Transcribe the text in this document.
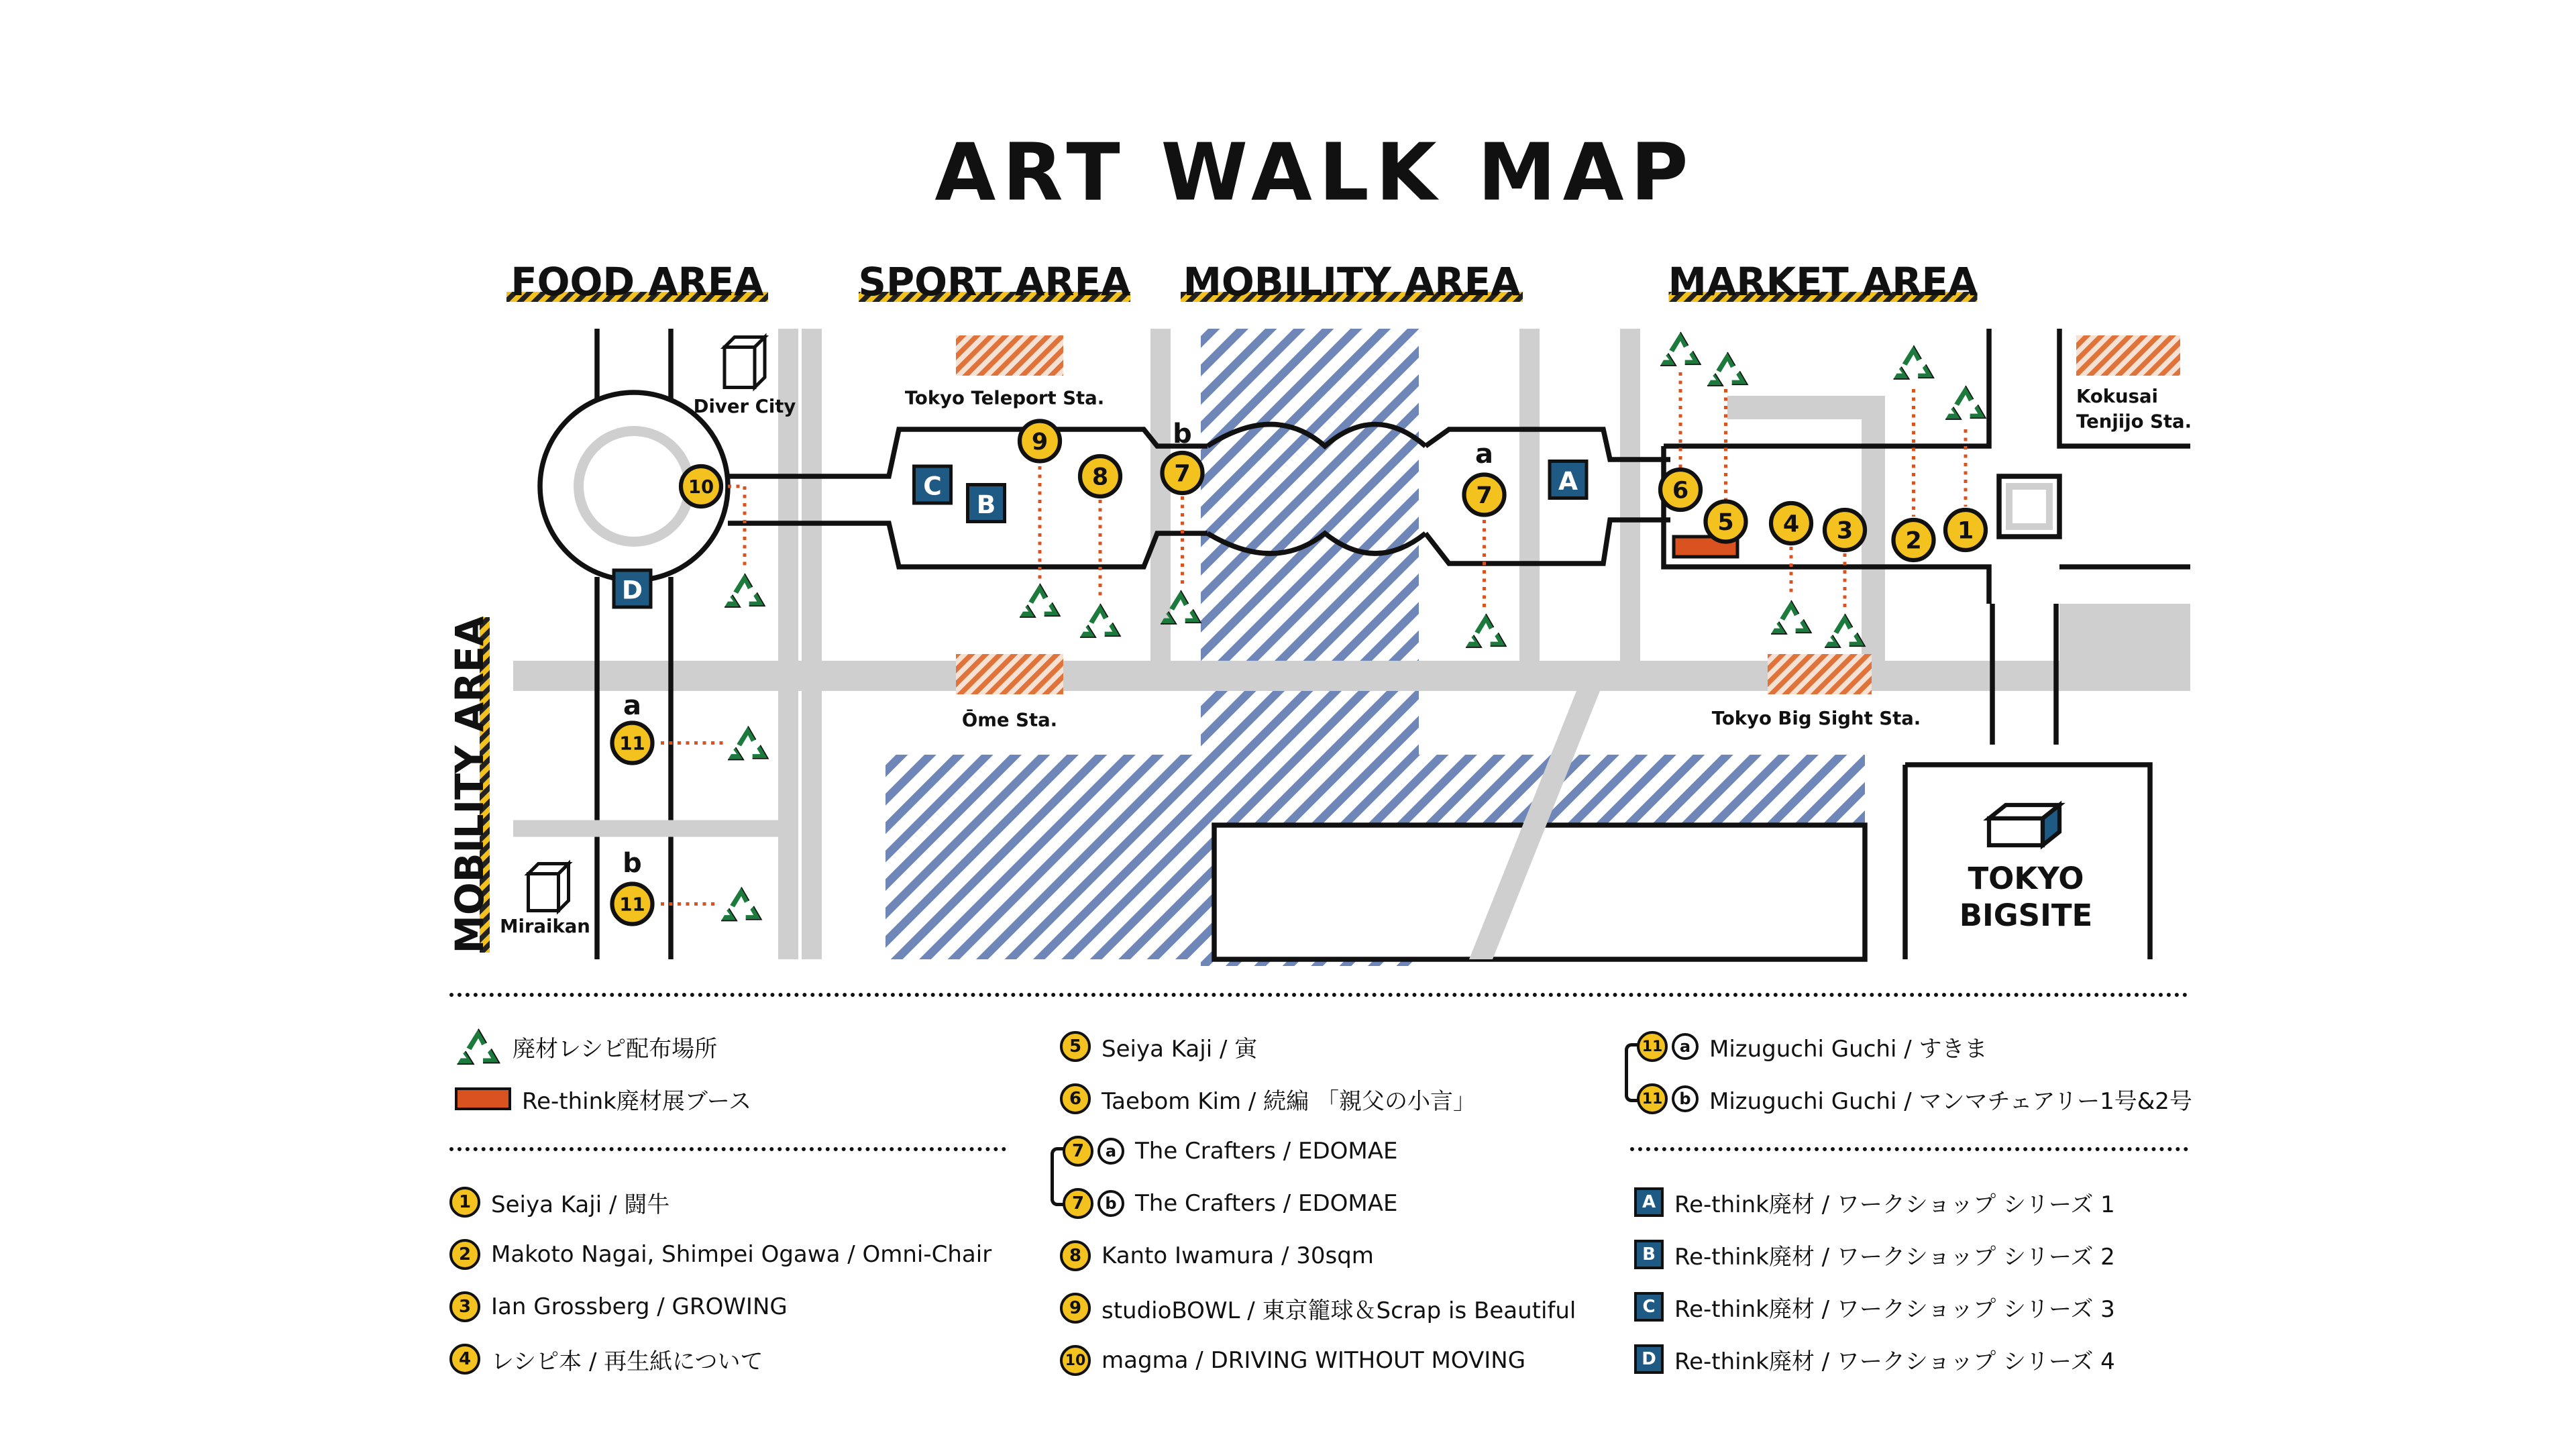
ART WALK MAP
FOOD AREA	SPORT AREA	MOBILITY AREA	MARKET AREA
MOBILITY AREA
Tokyo Teleport Sta.
Ōme Sta.	Tokyo Big Sight Sta.
Kokusai
Tenjijo Sta.
Diver City
Miraikan
TOKYO
BIGSITE
A
C
B
D
1
2
3
4
5
6
7
7
8
9
10
11
11
a
b
a
b
廃材レシピ配布場所
Re-think廃材展ブース
1 Seiya Kaji / 闘牛
2 Makoto Nagai, Shimpei Ogawa / Omni-Chair
3 Ian Grossberg / GROWING
4 レシピ本 / 再生紙について
5 Seiya Kaji / 寅
6 Taebom Kim / 続編 「親父の小言」
7	a The Crafters / EDOMAE
7	b The Crafters / EDOMAE
8 Kanto Iwamura / 30sqm
9 studioBOWL / 東京籠球＆Scrap is Beautiful
10 magma / DRIVING WITHOUT MOVING
11	a Mizuguchi Guchi / すきま
11	b Mizuguchi Guchi / マンマチェアリー1号&2号
A Re-think廃材 / ワークショップ シリーズ 1
B Re-think廃材 / ワークショップ シリーズ 2
C Re-think廃材 / ワークショップ シリーズ 3
D Re-think廃材 / ワークショップ シリーズ 4
